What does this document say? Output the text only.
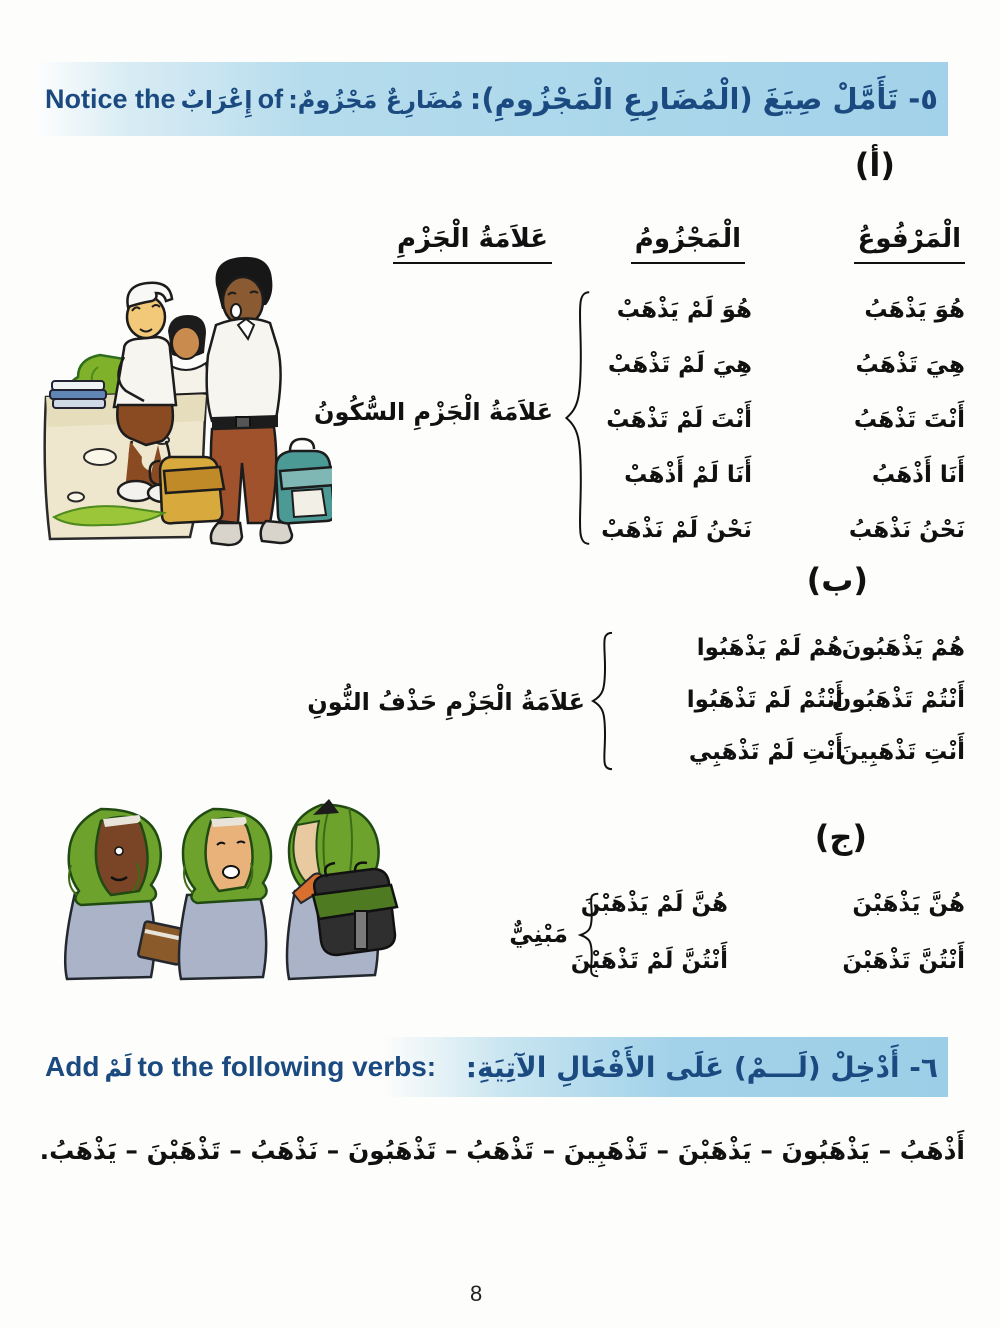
Notice the إِعْرَابٌ of مُضَارِعٌ مَجْزُومٌ: ٥- تَأَمَّلْ صِيَغَ (الْمُضَارِعِ الْمَجْزُومِ):
(أ)
الْمَرْفُوعُ
الْمَجْزُومُ
عَلاَمَةُ الْجَزْمِ
هُوَ يَذْهَبُ
هِيَ تَذْهَبُ
أَنْتَ تَذْهَبُ
أَنَا أَذْهَبُ
نَحْنُ نَذْهَبُ
هُوَ لَمْ يَذْهَبْ
هِيَ لَمْ تَذْهَبْ
أَنْتَ لَمْ تَذْهَبْ
أَنَا لَمْ أَذْهَبْ
نَحْنُ لَمْ نَذْهَبْ
عَلاَمَةُ الْجَزْمِ السُّكُونُ
(ب)
هُمْ يَذْهَبُونَ
أَنْتُمْ تَذْهَبُونَ
أَنْتِ تَذْهَبِينَ
هُمْ لَمْ يَذْهَبُوا
أَنْتُمْ لَمْ تَذْهَبُوا
أَنْتِ لَمْ تَذْهَبِي
عَلاَمَةُ الْجَزْمِ حَذْفُ النُّونِ
(ج)
هُنَّ يَذْهَبْنَ
أَنْتُنَّ تَذْهَبْنَ
هُنَّ لَمْ يَذْهَبْنَ
أَنْتُنَّ لَمْ تَذْهَبْنَ
مَبْنِيٌّ
Add لَمْ to the following verbs: ٦- أَدْخِلْ (لَـــمْ) عَلَى الأَفْعَالِ الآتِيَةِ:
أَذْهَبُ – يَذْهَبُونَ – يَذْهَبْنَ – تَذْهَبِينَ – تَذْهَبُ – تَذْهَبُونَ – نَذْهَبُ – تَذْهَبْنَ – يَذْهَبُ.
8
